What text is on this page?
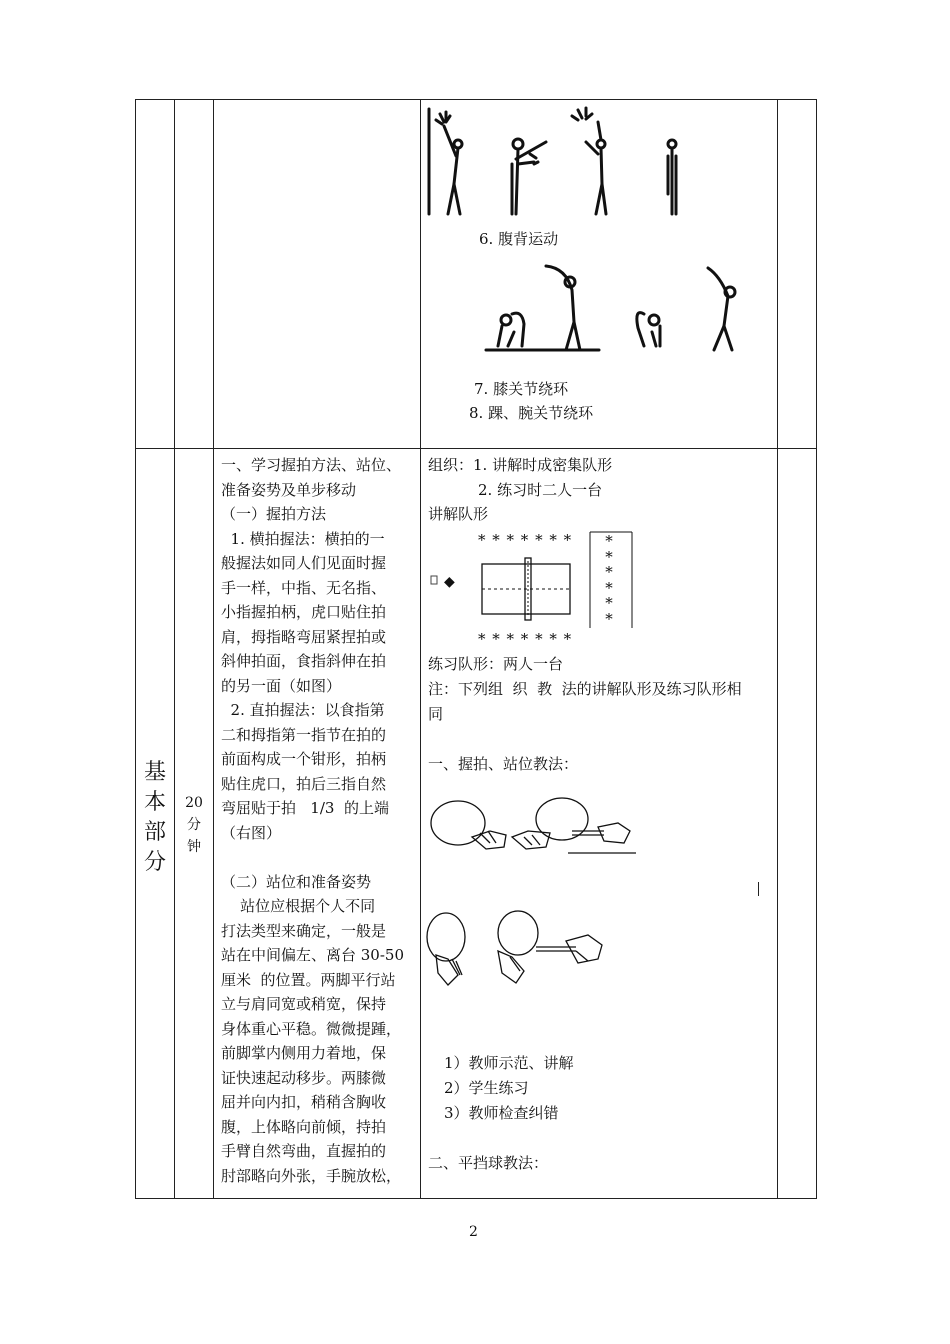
6. 腹背运动
7. 膝关节绕环
8. 踝、腕关节绕环
基
本
部
分
20
分
钟
一、学习握拍方法、站位、
准备姿势及单步移动
（一）握拍方法
1. 横拍握法：横拍的一
般握法如同人们见面时握
手一样，中指、无名指、
小指握拍柄，虎口贴住拍
肩，拇指略弯屈紧捏拍或
斜伸拍面，食指斜伸在拍
的另一面（如图）
2. 直拍握法：以食指第
二和拇指第一指节在拍的
前面构成一个钳形，拍柄
贴住虎口，拍后三指自然
弯屈贴于拍   1/3  的上端
（右图）
（二）站位和准备姿势
站位应根据个人不同
打法类型来确定，一般是
站在中间偏左、离台 30-50
厘米  的位置。两脚平行站
立与肩同宽或稍宽，保持
身体重心平稳。微微提踵，
前脚掌内侧用力着地，保
证快速起动移步。两膝微
屈并向内扣，稍稍含胸收
腹，上体略向前倾，持拍
手臂自然弯曲，直握拍的
肘部略向外张，手腕放松，
组织：1. 讲解时成密集队形
2. 练习时二人一台
讲解队形
* * * * * * *
* * * * * * *
◆
*
*
*
*
*
*
练习队形：两人一台
注：下列组  织  教  法的讲解队形及练习队形相
同
一、握拍、站位教法：
1）教师示范、讲解
2）学生练习
3）教师检查纠错
二、平挡球教法：
2
